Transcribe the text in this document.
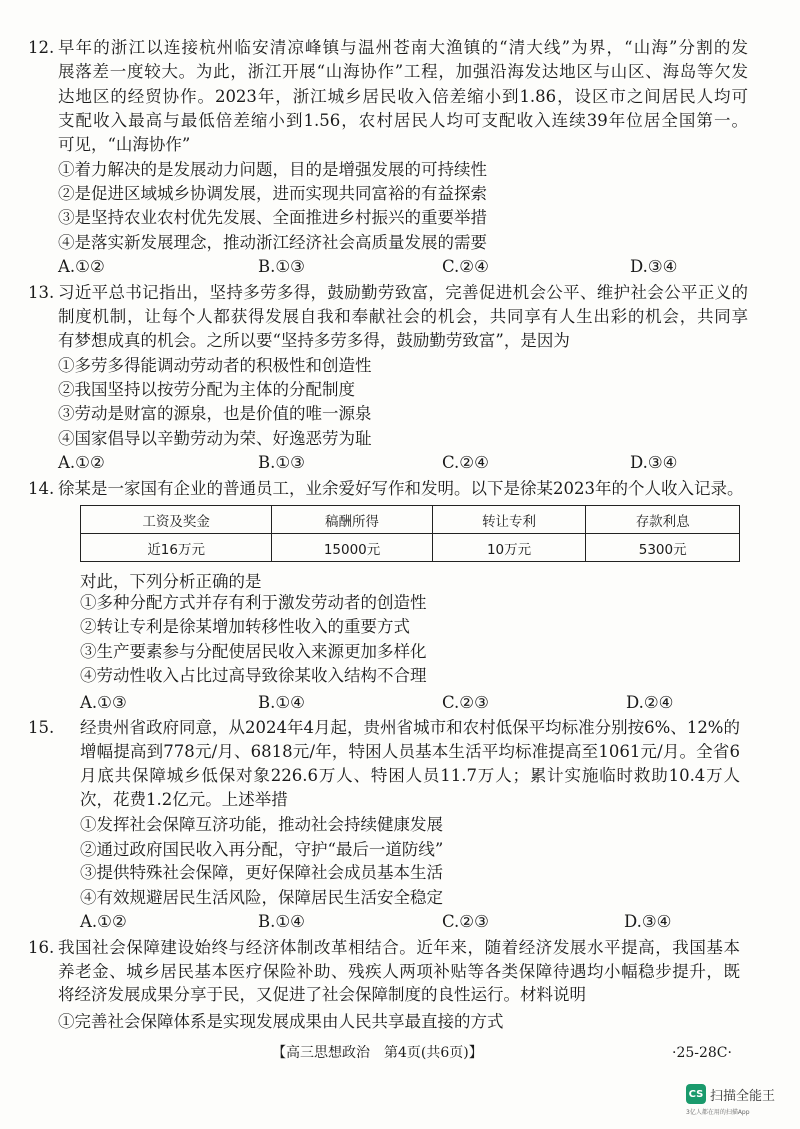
12. 早年的浙江以连接杭州临安清凉峰镇与温州苍南大渔镇的“清大线”为界，“山海”分割的发
展落差一度较大。为此，浙江开展“山海协作”工程，加强沿海发达地区与山区、海岛等欠发
达地区的经贸协作。2023年，浙江城乡居民收入倍差缩小到1.86，设区市之间居民人均可
支配收入最高与最低倍差缩小到1.56，农村居民人均可支配收入连续39年位居全国第一。
可见，“山海协作”
①着力解决的是发展动力问题，目的是增强发展的可持续性
②是促进区域城乡协调发展，进而实现共同富裕的有益探索
③是坚持农业农村优先发展、全面推进乡村振兴的重要举措
④是落实新发展理念，推动浙江经济社会高质量发展的需要
A.①②	B.①③	C.②④	D.③④
13. 习近平总书记指出，坚持多劳多得，鼓励勤劳致富，完善促进机会公平、维护社会公平正义的
制度机制，让每个人都获得发展自我和奉献社会的机会，共同享有人生出彩的机会，共同享
有梦想成真的机会。之所以要“坚持多劳多得，鼓励勤劳致富”，是因为
①多劳多得能调动劳动者的积极性和创造性
②我国坚持以按劳分配为主体的分配制度
③劳动是财富的源泉，也是价值的唯一源泉
④国家倡导以辛勤劳动为荣、好逸恶劳为耻
A.①②	B.①③	C.②④	D.③④
14. 徐某是一家国有企业的普通员工，业余爱好写作和发明。以下是徐某2023年的个人收入记录。
工资及奖金	稿酬所得	转让专利	存款利息
近16万元	15000元	10万元	5300元
对此，下列分析正确的是
①多种分配方式并存有利于激发劳动者的创造性
②转让专利是徐某增加转移性收入的重要方式
③生产要素参与分配使居民收入来源更加多样化
④劳动性收入占比过高导致徐某收入结构不合理
A.①③	B.①④	C.②③	D.②④
15. 经贵州省政府同意，从2024年4月起，贵州省城市和农村低保平均标准分别按6%、12%的
增幅提高到778元/月、6818元/年，特困人员基本生活平均标准提高至1061元/月。全省6
月底共保障城乡低保对象226.6万人、特困人员11.7万人；累计实施临时救助10.4万人
次，花费1.2亿元。上述举措
①发挥社会保障互济功能，推动社会持续健康发展
②通过政府国民收入再分配，守护“最后一道防线”
③提供特殊社会保障，更好保障社会成员基本生活
④有效规避居民生活风险，保障居民生活安全稳定
A.①②	B.①④	C.②③	D.③④
16. 我国社会保障建设始终与经济体制改革相结合。近年来，随着经济发展水平提高，我国基本
养老金、城乡居民基本医疗保险补助、残疾人两项补贴等各类保障待遇均小幅稳步提升，既
将经济发展成果分享于民，又促进了社会保障制度的良性运行。材料说明
①完善社会保障体系是实现发展成果由人民共享最直接的方式
【高三思想政治　第4页(共6页)】	·25-28C·
CS 扫描全能王
3亿人都在用的扫描App
